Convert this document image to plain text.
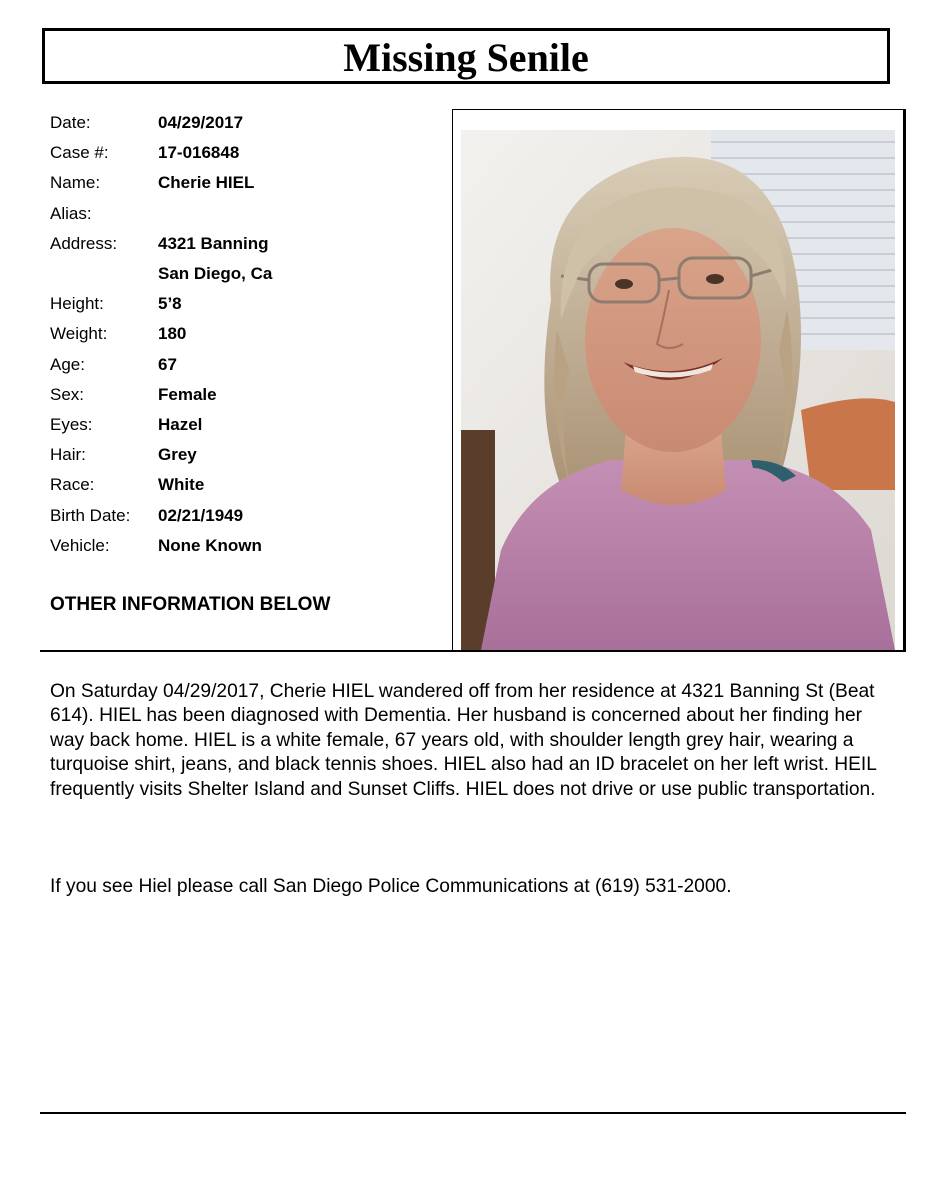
Missing Senile
Date:	04/29/2017
Case #:	17-016848
Name:	Cherie HIEL
Alias:
Address:	4321 Banning
San Diego, Ca
Height:	5’8
Weight:	180
Age:	67
Sex:	Female
Eyes:	Hazel
Hair:	Grey
Race:	White
Birth Date:	02/21/1949
Vehicle:	None Known
OTHER INFORMATION BELOW

On Saturday 04/29/2017, Cherie HIEL wandered off from her residence at 4321 Banning St (Beat 614). HIEL has been diagnosed with Dementia. Her husband is concerned about her finding her way back home. HIEL is a white female, 67 years old, with shoulder length grey hair, wearing a turquoise shirt, jeans, and black tennis shoes. HIEL also had an ID bracelet on her left wrist. HEIL frequently visits Shelter Island and Sunset Cliffs. HIEL does not drive or use public transportation.

If you see Hiel please call San Diego Police Communications at (619) 531-2000.
